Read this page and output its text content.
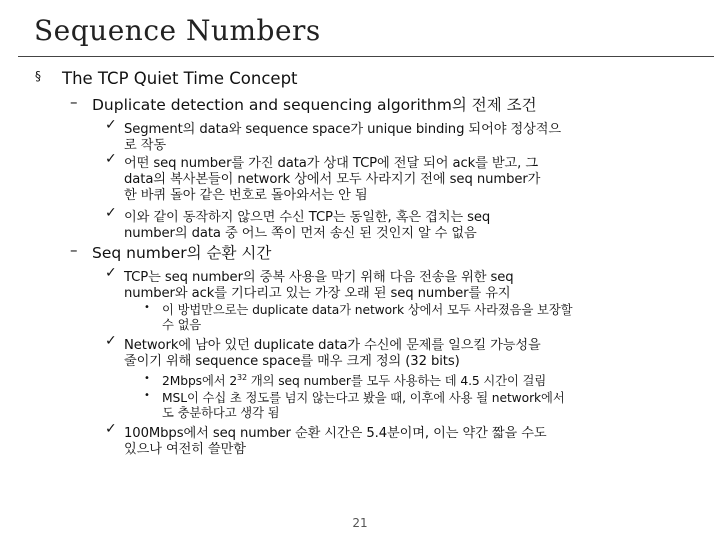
Sequence Numbers
§ The TCP Quiet Time Concept
– Duplicate detection and sequencing algorithm의 전제 조건
✓ Segment의 data와 sequence space가 unique binding 되어야 정상적으
로 작동
✓ 어떤 seq number를 가진 data가 상대 TCP에 전달 되어 ack를 받고, 그
data의 복사본들이 network 상에서 모두 사라지기 전에 seq number가
한 바퀴 돌아 같은 번호로 돌아와서는 안 됨
✓ 이와 같이 동작하지 않으면 수신 TCP는 동일한, 혹은 겹치는 seq
number의 data 중 어느 쪽이 먼저 송신 된 것인지 알 수 없음
– Seq number의 순환 시간
✓ TCP는 seq number의 중복 사용을 막기 위해 다음 전송을 위한 seq
number와 ack를 기다리고 있는 가장 오래 된 seq number를 유지
• 이 방법만으로는 duplicate data가 network 상에서 모두 사라졌음을 보장할
수 없음
✓ Network에 남아 있던 duplicate data가 수신에 문제를 일으킬 가능성을
줄이기 위해 sequence space를 매우 크게 정의 (32 bits)
• 2Mbps에서 $2^{32}$ 개의 seq number를 모두 사용하는 데 4.5 시간이 걸림
• MSL이 수십 초 정도를 넘지 않는다고 봤을 때, 이후에 사용 될 network에서
도 충분하다고 생각 됨
✓ 100Mbps에서 seq number 순환 시간은 5.4분이며, 이는 약간 짧을 수도
있으나 여전히 쓸만함
21
